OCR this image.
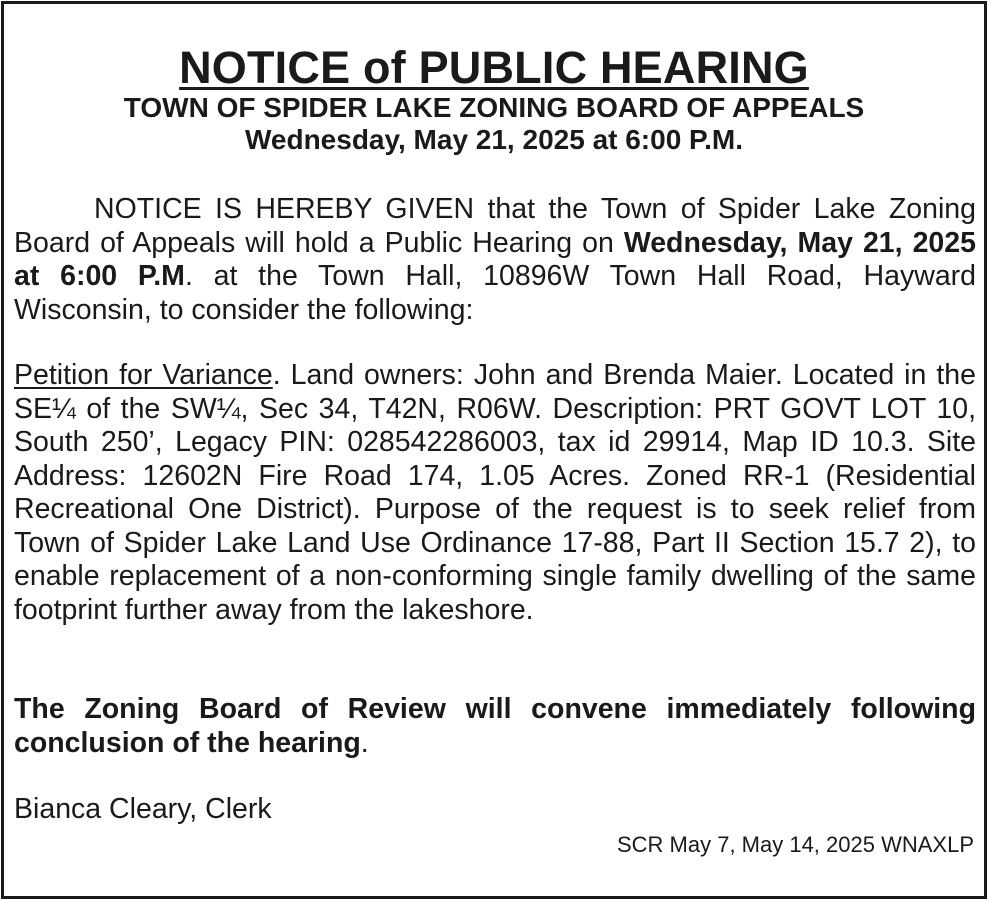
NOTICE of PUBLIC HEARING
TOWN OF SPIDER LAKE ZONING BOARD OF APPEALS
Wednesday, May 21, 2025 at 6:00 P.M.
NOTICE IS HEREBY GIVEN that the Town of Spider Lake Zoning Board of Appeals will hold a Public Hearing on Wednesday, May 21, 2025 at 6:00 P.M. at the Town Hall, 10896W Town Hall Road, Hayward Wisconsin, to consider the following:
Petition for Variance. Land owners: John and Brenda Maier. Located in the SE¼ of the SW¼, Sec 34, T42N, R06W. Description: PRT GOVT LOT 10, South 250’, Legacy PIN: 028542286003, tax id 29914, Map ID 10.3. Site Address: 12602N Fire Road 174, 1.05 Acres. Zoned RR-1 (Residential Recreational One District). Purpose of the request is to seek relief from Town of Spider Lake Land Use Ordinance 17-88, Part II Section 15.7 2), to enable replacement of a non-conforming single family dwelling of the same footprint further away from the lakeshore.
The Zoning Board of Review will convene immediately following conclusion of the hearing.
Bianca Cleary, Clerk
SCR May 7, May 14, 2025 WNAXLP
